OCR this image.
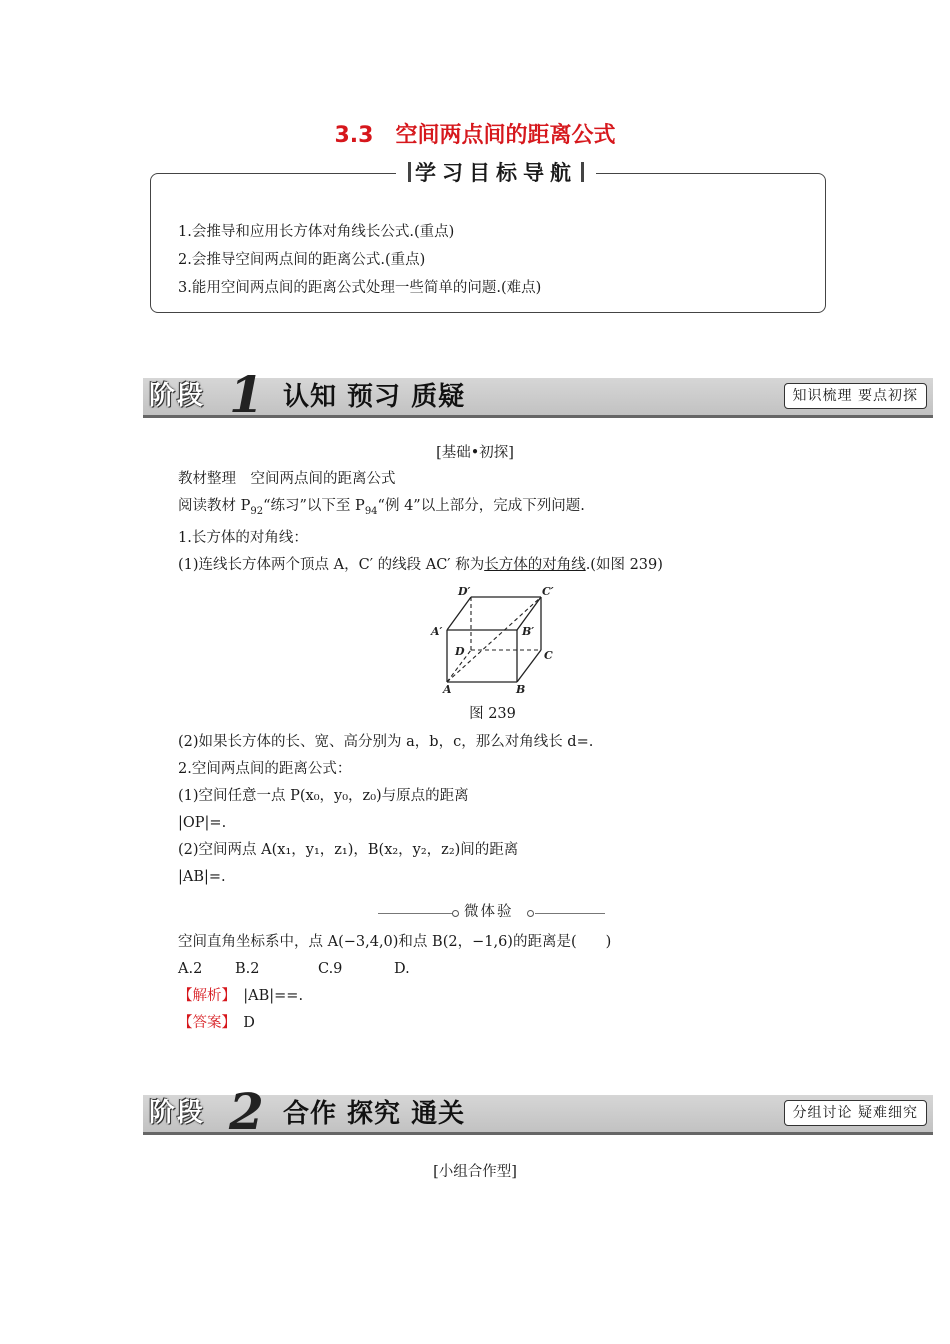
3.3　空间两点间的距离公式
学习目标导航
1.会推导和应用长方体对角线长公式.(重点)
2.会推导空间两点间的距离公式.(重点)
3.能用空间两点间的距离公式处理一些简单的问题.(难点)
阶段 1 认知 预习 质疑	知识梳理 要点初探
[基础•初探]
教材整理　空间两点间的距离公式
阅读教材 $P_{92}“$练习”以下至 $P_{94}“$例 4”以上部分，完成下列问题.
1.长方体的对角线：
(1)连线长方体两个顶点 A，C′ 的线段 AC′ 称为长方体的对角线.(如图 239)
D′	C′
A′	B′
D	C
A	B
图 239
(2)如果长方体的长、宽、高分别为 a，b，c，那么对角线长 d=.
2.空间两点间的距离公式：
(1)空间任意一点 P(x₀，y₀，z₀)与原点的距离
|OP|=.
(2)空间两点 A(x₁，y₁，z₁)，B(x₂，y₂，z₂)间的距离
|AB|=.
微体验
空间直角坐标系中，点 A(−3,4,0)和点 B(2，−1,6)的距离是(　　)
A.2 B.2	C.9	D.
【解析】　 |AB|==.
【答案】　 D
阶段 2 合作 探究 通关	分组讨论 疑难细究
[小组合作型]
